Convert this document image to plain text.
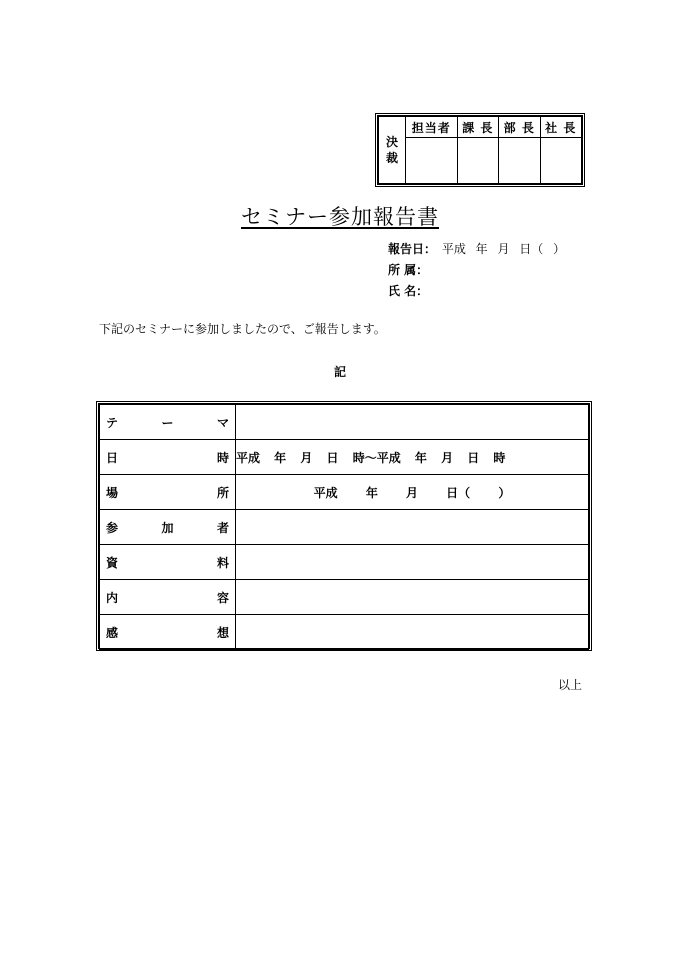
決
裁	担当者	課 長	部 長	社 長

セミナー参加報告書
報告日： 平成 年 月 日（ ）
所 属：
氏 名：
下記のセミナーに参加しましたので、ご報告します。
記
テ ー マ	

日 時	平成 年 月 日 時～平成 年 月 日 時

場 所	平成 年 月 日（ ）

参 加 者	

資 料	

内 容	

感 想	

以上
